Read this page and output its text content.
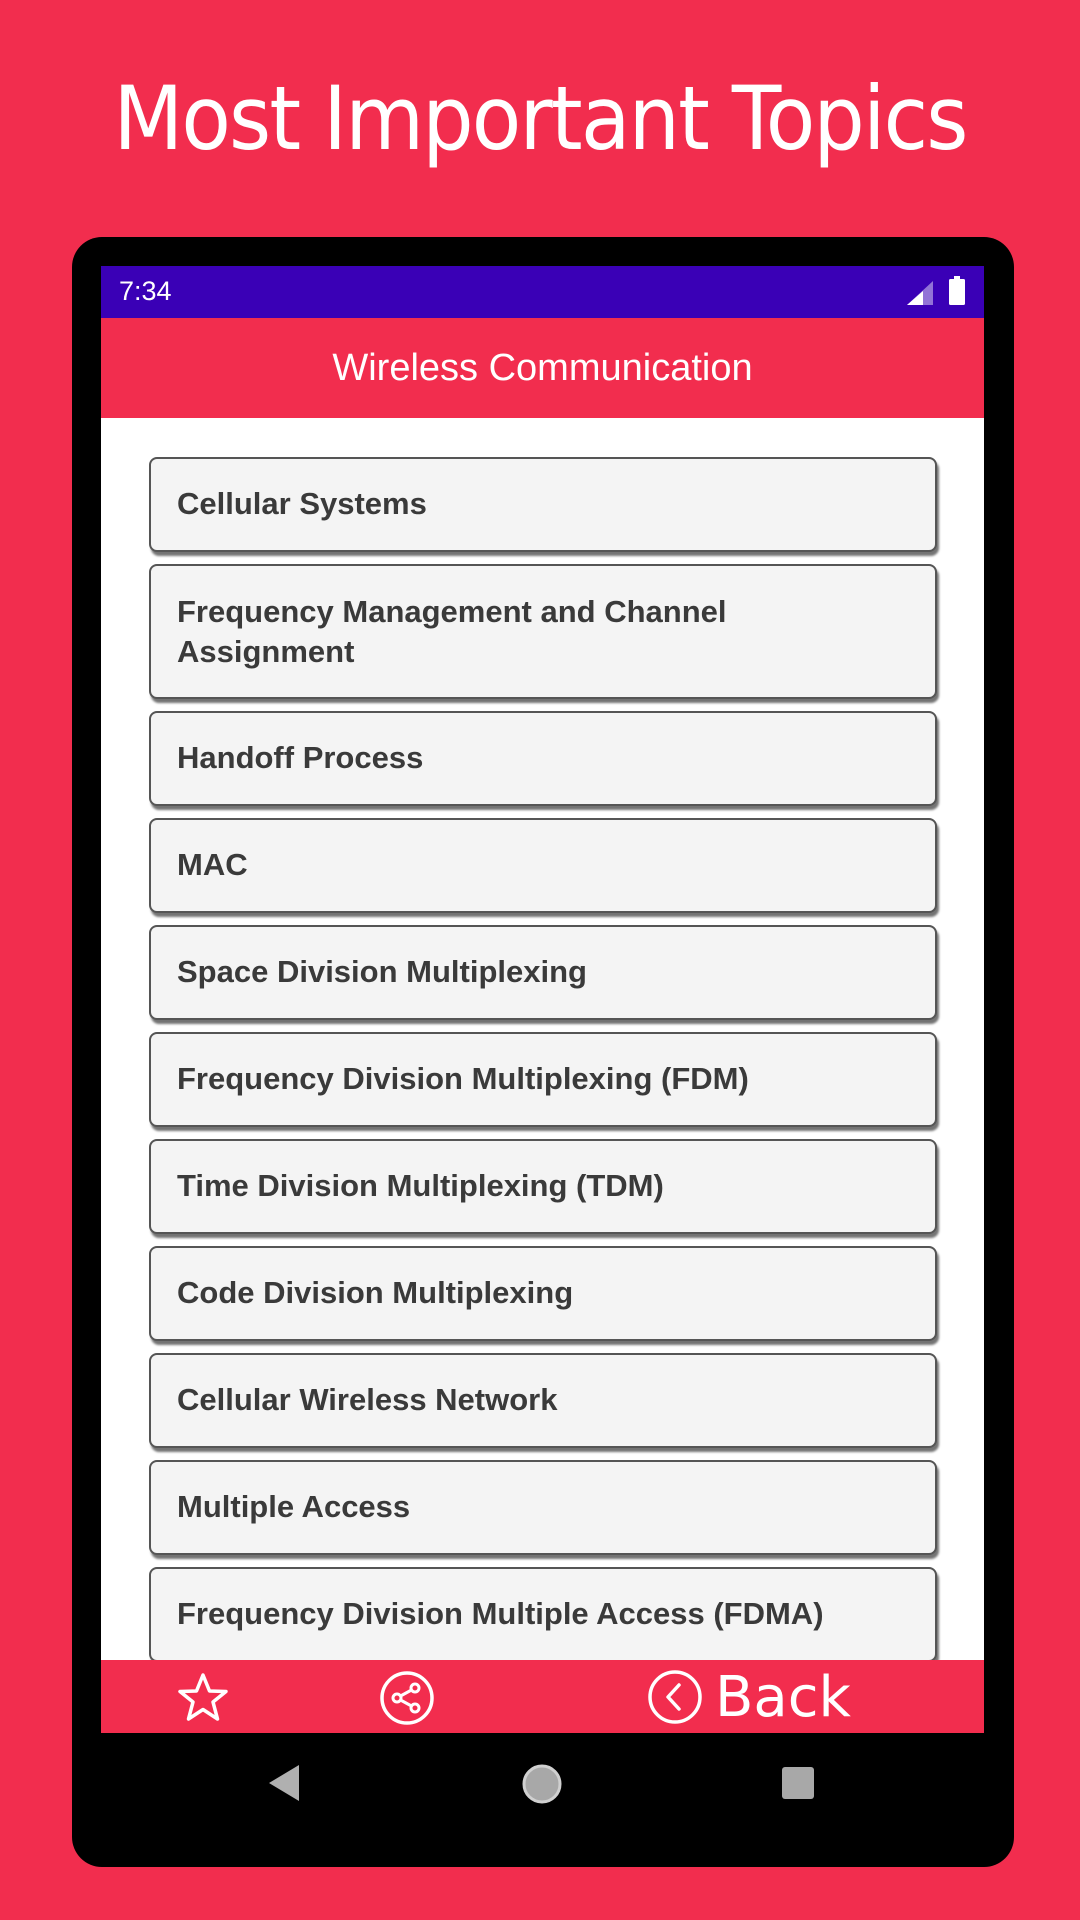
Most Important Topics
7:34
Wireless Communication
Cellular Systems
Frequency Management and Channel Assignment
Handoff Process
MAC
Space Division Multiplexing
Frequency Division Multiplexing (FDM)
Time Division Multiplexing (TDM)
Code Division Multiplexing
Cellular Wireless Network
Multiple Access
Frequency Division Multiple Access (FDMA)
Back
